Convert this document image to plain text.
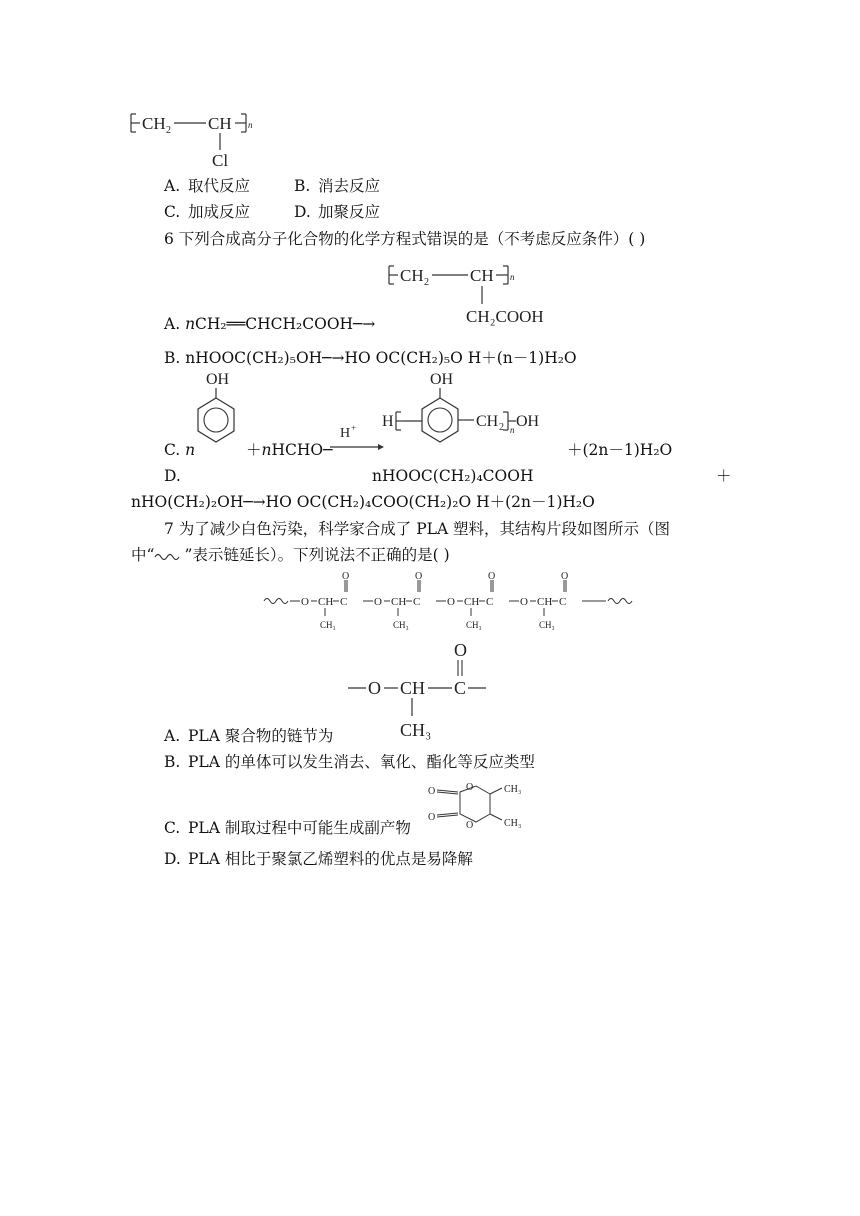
CH 2 CH n
Cl
A. 取代反应	B. 消去反应
C. 加成反应	D. 加聚反应
6 下列合成高分子化合物的化学方程式错误的是（不考虑反应条件）( )
CH 2 CH n
CH₂COOH
A. nCH₂══CHCH₂COOH─→
B. nHOOC(CH₂)₅OH─→HO OC(CH₂)₅O H＋(n－1)H₂O
C. n
OH
＋nHCHO─
H + H
OH
CH 2 n OH
＋(2n－1)H₂O
D.	nHOOC(CH₂)₄COOH	＋
nHO(CH₂)₂OH─→HO OC(CH₂)₄COO(CH₂)₂O H＋(2n－1)H₂O
7 为了减少白色污染，科学家合成了 PLA 塑料，其结构片段如图所示（图
中“ ”表示链延长）。下列说法不正确的是( )
O CH C
O
CH₃
O CH C
O
CH₃
O CH C
O
CH₃
O CH C
O
CH₃
O
O CH C
CH₃
A. PLA 聚合物的链节为
B. PLA 的单体可以发生消去、氧化、酯化等反应类型
O
O
O
O
CH₃
CH₃
C. PLA 制取过程中可能生成副产物
D. PLA 相比于聚氯乙烯塑料的优点是易降解
